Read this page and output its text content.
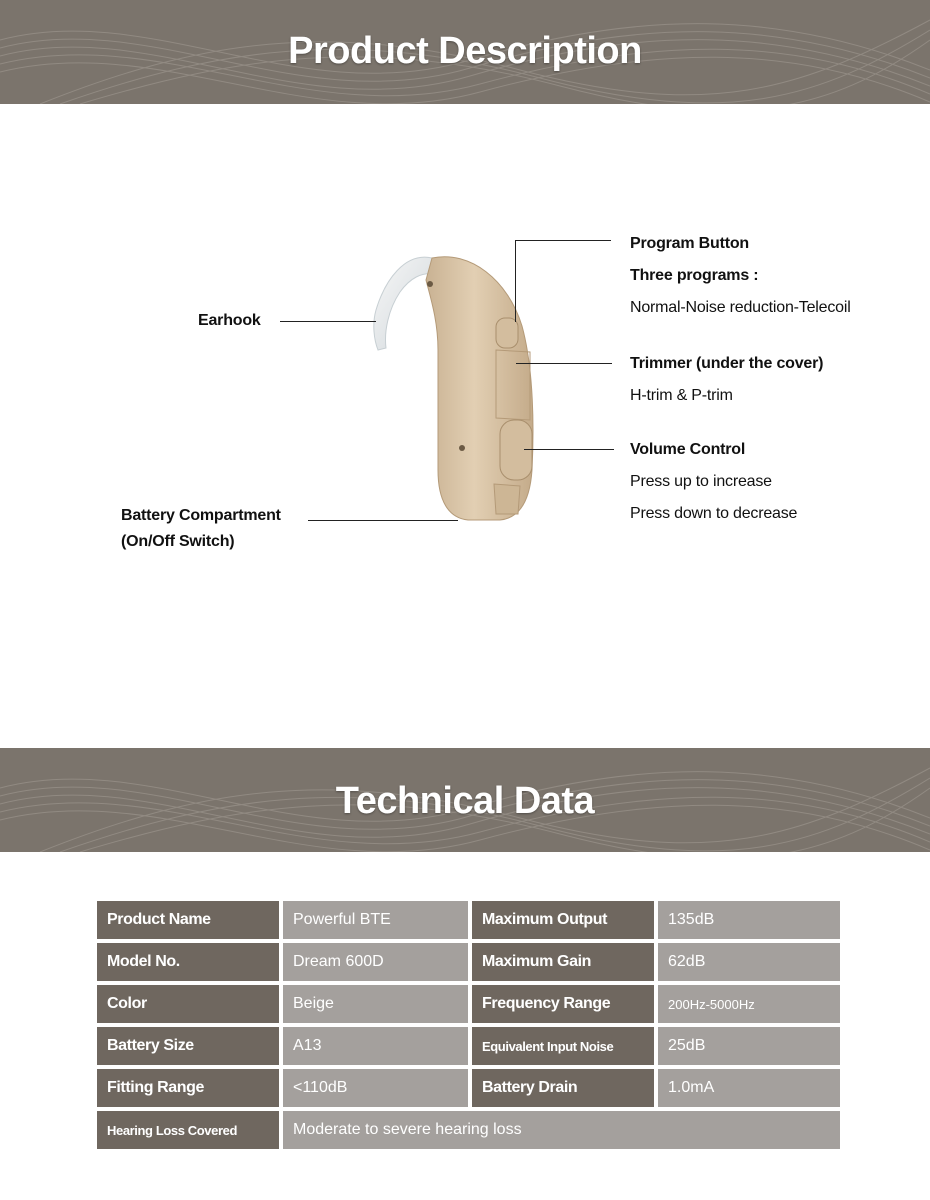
Product Description
Earhook
Battery Compartment
(On/Off Switch)
Program Button
Three programs :
Normal-Noise reduction-Telecoil
Trimmer (under the cover)
H-trim & P-trim
Volume Control
Press up to increase
Press down to decrease
Technical Data
Product Name	Powerful BTE	Maximum Output	135dB
Model No.	Dream 600D	Maximum Gain	62dB
Color	Beige	Frequency Range	200Hz-5000Hz
Battery Size	A13	Equivalent Input Noise	25dB
Fitting Range	<110dB	Battery Drain	1.0mA
Hearing Loss Covered	Moderate to severe hearing loss		
